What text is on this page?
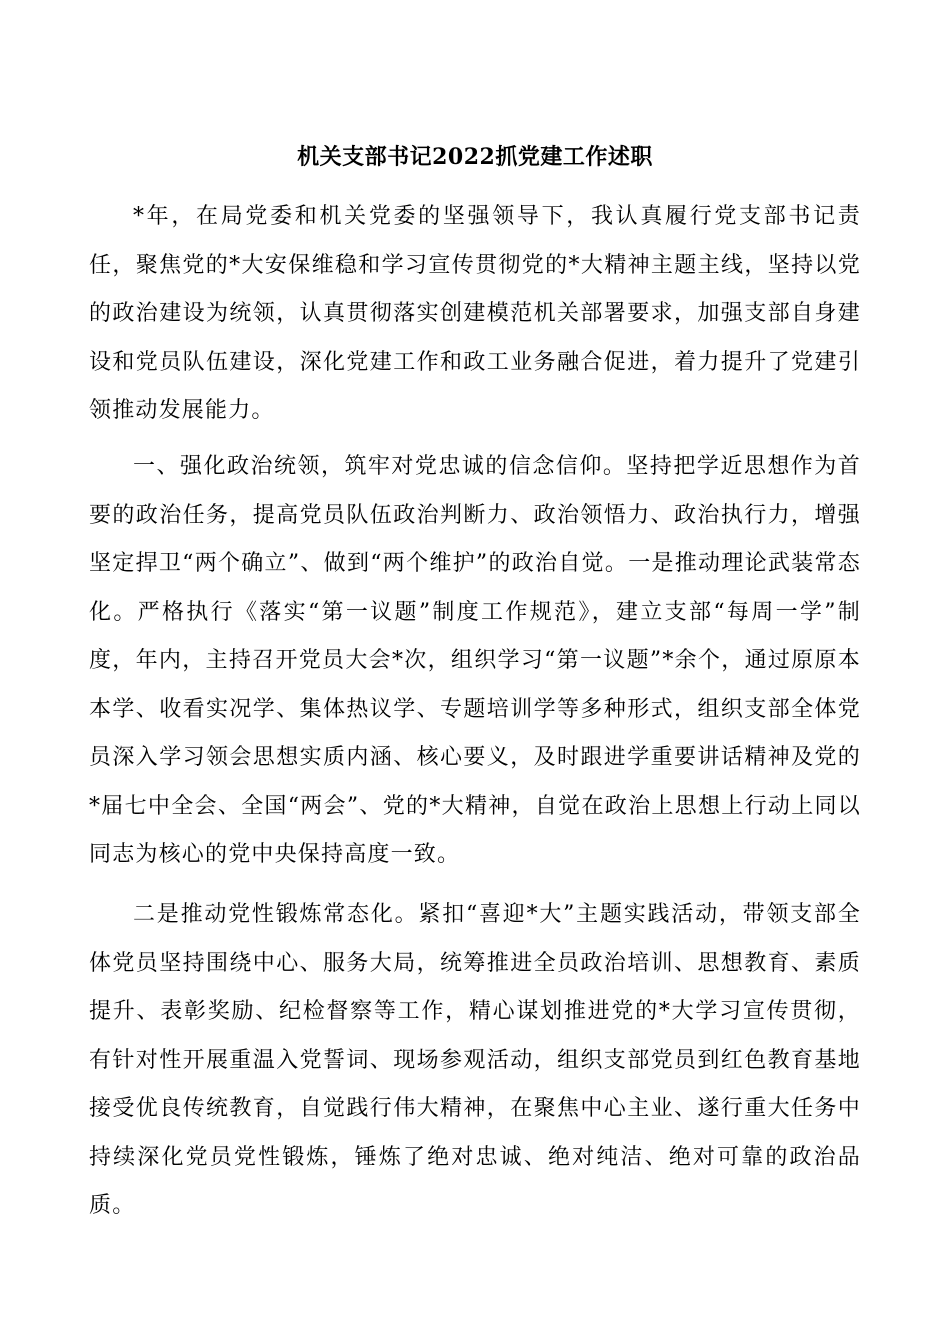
机关支部书记2022抓党建工作述职

*年，在局党委和机关党委的坚强领导下，我认真履行党支部书记责任，聚焦党的*大安保维稳和学习宣传贯彻党的*大精神主题主线，坚持以党的政治建设为统领，认真贯彻落实创建模范机关部署要求，加强支部自身建设和党员队伍建设，深化党建工作和政工业务融合促进，着力提升了党建引领推动发展能力。

一、强化政治统领，筑牢对党忠诚的信念信仰。坚持把学近思想作为首要的政治任务，提高党员队伍政治判断力、政治领悟力、政治执行力，增强坚定捍卫“两个确立”、做到“两个维护”的政治自觉。一是推动理论武装常态化。严格执行《落实“第一议题”制度工作规范》，建立支部“每周一学”制度，年内，主持召开党员大会*次，组织学习“第一议题”*余个，通过原原本本学、收看实况学、集体热议学、专题培训学等多种形式，组织支部全体党员深入学习领会思想实质内涵、核心要义，及时跟进学重要讲话精神及党的*届七中全会、全国“两会”、党的*大精神，自觉在政治上思想上行动上同以同志为核心的党中央保持高度一致。

二是推动党性锻炼常态化。紧扣“喜迎*大”主题实践活动，带领支部全体党员坚持围绕中心、服务大局，统筹推进全员政治培训、思想教育、素质提升、表彰奖励、纪检督察等工作，精心谋划推进党的*大学习宣传贯彻，有针对性开展重温入党誓词、现场参观活动，组织支部党员到红色教育基地接受优良传统教育，自觉践行伟大精神，在聚焦中心主业、遂行重大任务中持续深化党员党性锻炼，锤炼了绝对忠诚、绝对纯洁、绝对可靠的政治品质。
